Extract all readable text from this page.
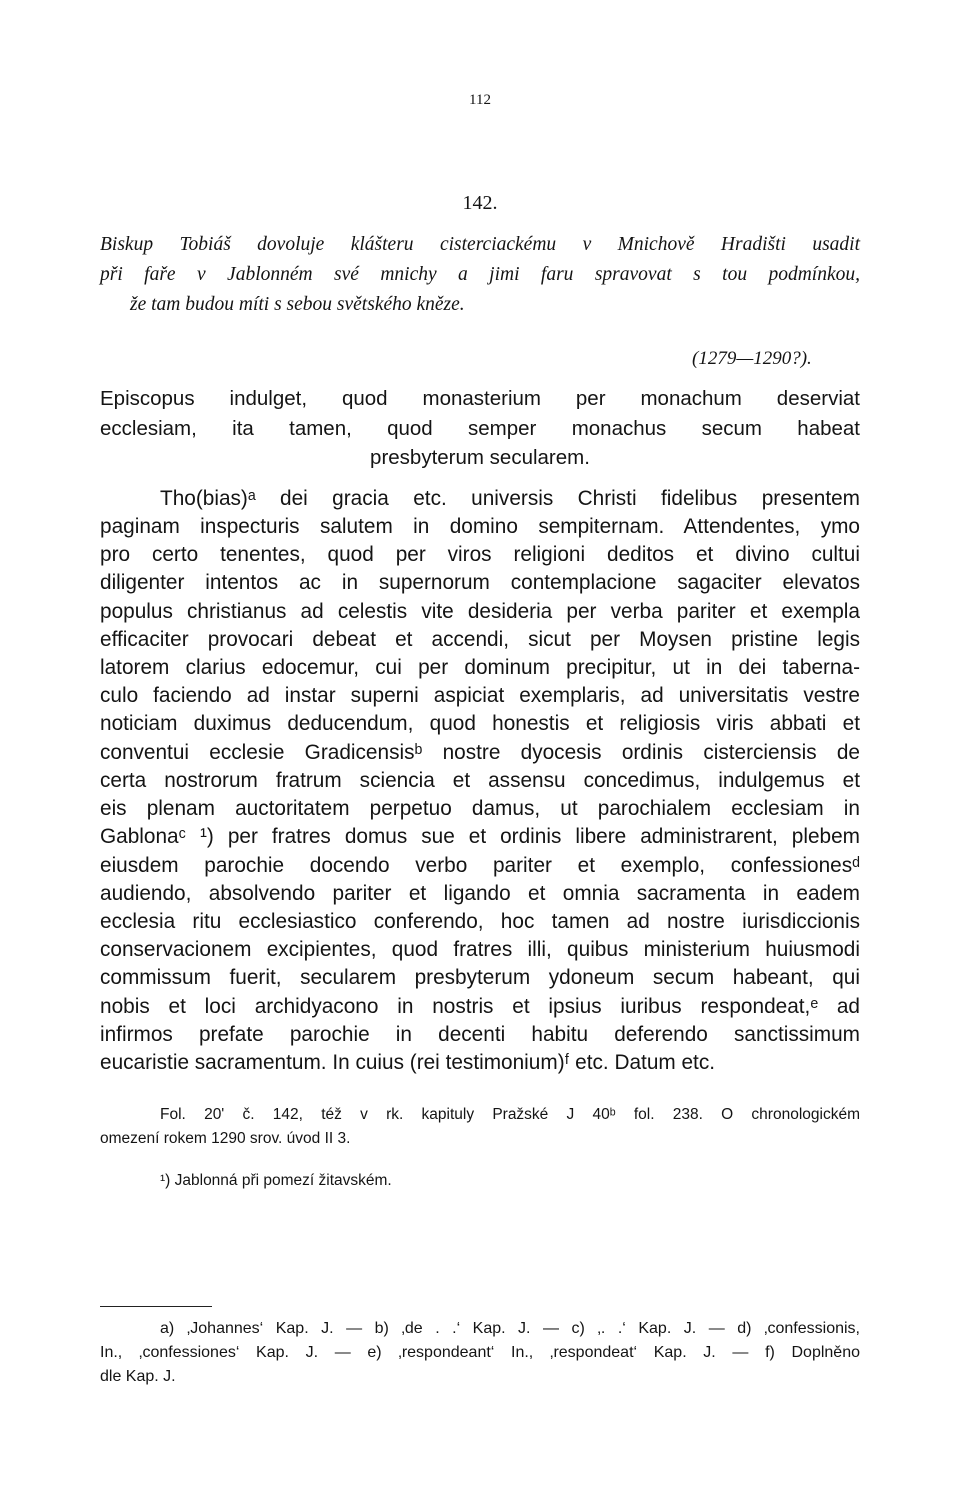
112
142.
Biskup Tobiáš dovoluje klášteru cisterciackému v Mnichově Hradišti usadit
při faře v Jablonném své mnichy a jimi faru spravovat s tou podmínkou,
že tam budou míti s sebou světského kněze.
(1279—1290?).
Episcopus indulget, quod monasterium per monachum deserviat
ecclesiam, ita tamen, quod semper monachus secum habeat
presbyterum secularem.
Tho(bias)ᵃ dei gracia etc. universis Christi fidelibus presentem
paginam inspecturis salutem in domino sempiternam. Attendentes, ymo
pro certo tenentes, quod per viros religioni deditos et divino cultui
diligenter intentos ac in supernorum contemplacione sagaciter elevatos
populus christianus ad celestis vite desideria per verba pariter et exempla
efficaciter provocari debeat et accendi, sicut per Moysen pristine legis
latorem clarius edocemur, cui per dominum precipitur, ut in dei taberna-
culo faciendo ad instar superni aspiciat exemplaris, ad universitatis vestre
noticiam duximus deducendum, quod honestis et religiosis viris abbati et
conventui ecclesie Gradicensisᵇ nostre dyocesis ordinis cisterciensis de
certa nostrorum fratrum sciencia et assensu concedimus, indulgemus et
eis plenam auctoritatem perpetuo damus, ut parochialem ecclesiam in
Gablonaᶜ ¹) per fratres domus sue et ordinis libere administrarent, plebem
eiusdem parochie docendo verbo pariter et exemplo, confessionesᵈ
audiendo, absolvendo pariter et ligando et omnia sacramenta in eadem
ecclesia ritu ecclesiastico conferendo, hoc tamen ad nostre iurisdiccionis
conservacionem excipientes, quod fratres illi, quibus ministerium huiusmodi
commissum fuerit, secularem presbyterum ydoneum secum habeant, qui
nobis et loci archidyacono in nostris et ipsius iuribus respondeat,ᵉ ad
infirmos prefate parochie in decenti habitu deferendo sanctissimum
eucaristie sacramentum. In cuius (rei testimonium)ᶠ etc. Datum etc.
Fol. 20' č. 142, též v rk. kapituly Pražské J 40ᵇ fol. 238. O chronologickém
omezení rokem 1290 srov. úvod II 3.
¹) Jablonná při pomezí žitavském.
a) ‚Johannes‘ Kap. J. — b) ‚de . .‘ Kap. J. — c) ‚. .‘ Kap. J. — d) ‚confessionis,
In., ‚confessiones‘ Kap. J. — e) ‚respondeant‘ In., ‚respondeat‘ Kap. J. — f) Doplněno
dle Kap. J.
